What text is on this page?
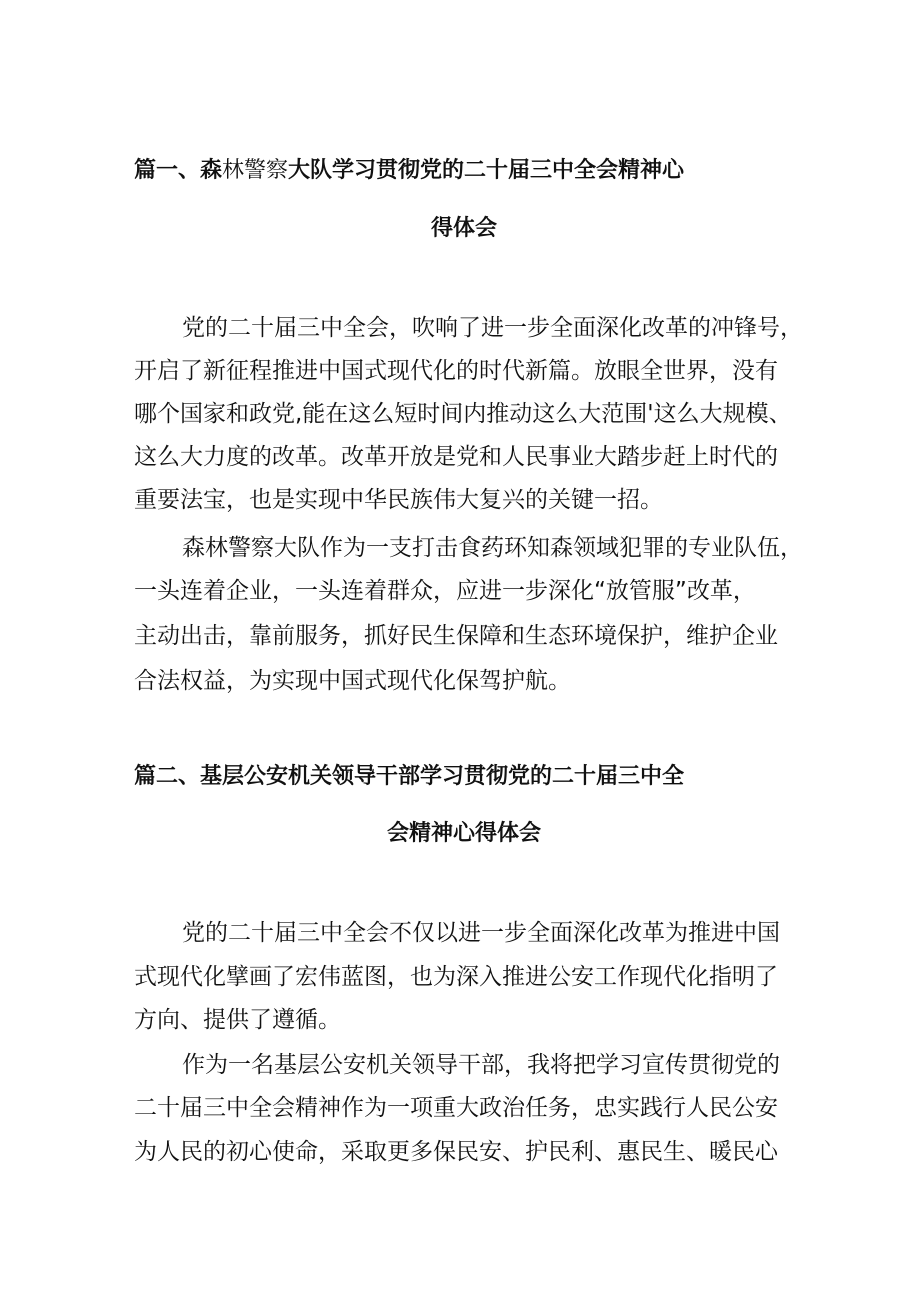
篇一、森林警察大队学习贯彻党的二十届三中全会精神心
得体会
党的二十届三中全会，吹响了进一步全面深化改革的冲锋号，
开启了新征程推进中国式现代化的时代新篇。放眼全世界，没有
哪个国家和政党,能在这么短时间内推动这么大范围'这么大规模、
这么大力度的改革。改革开放是党和人民事业大踏步赶上时代的
重要法宝，也是实现中华民族伟大复兴的关键一招。
森林警察大队作为一支打击食药环知森领域犯罪的专业队伍，
一头连着企业，一头连着群众，应进一步深化“放管服”改革，
主动出击，靠前服务，抓好民生保障和生态环境保护，维护企业
合法权益，为实现中国式现代化保驾护航。
篇二、基层公安机关领导干部学习贯彻党的二十届三中全
会精神心得体会
党的二十届三中全会不仅以进一步全面深化改革为推进中国
式现代化擘画了宏伟蓝图，也为深入推进公安工作现代化指明了
方向、提供了遵循。
作为一名基层公安机关领导干部，我将把学习宣传贯彻党的
二十届三中全会精神作为一项重大政治任务，忠实践行人民公安
为人民的初心使命，采取更多保民安、护民利、惠民生、暖民心
